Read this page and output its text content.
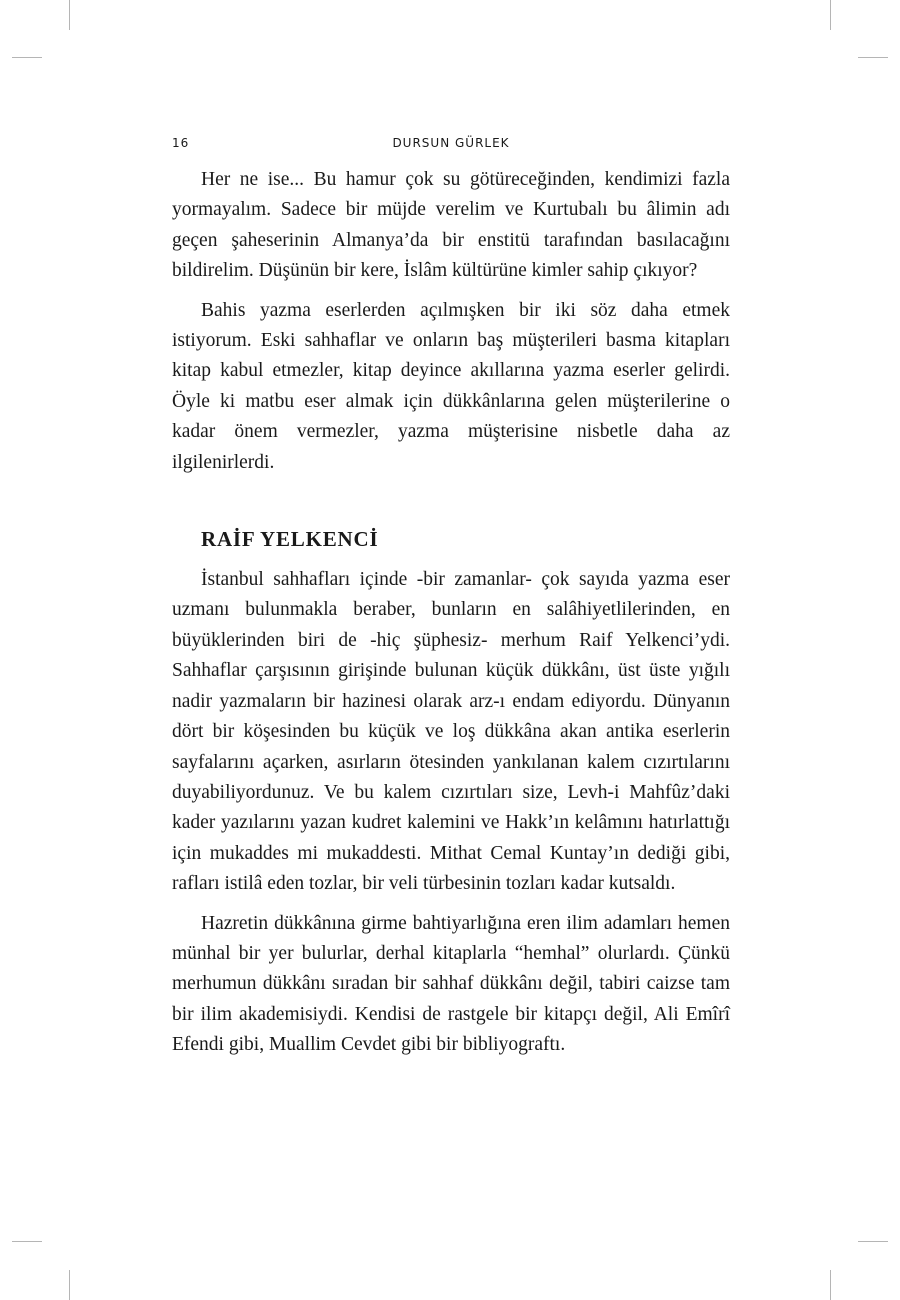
16	DURSUN GÜRLEK

Her ne ise... Bu hamur çok su götüreceğinden, kendimizi fazla yormayalım. Sadece bir müjde verelim ve Kurtubalı bu âlimin adı geçen şaheserinin Almanya’da bir enstitü tarafından basılacağını bildirelim. Düşünün bir kere, İslâm kültürüne kimler sahip çıkıyor?

Bahis yazma eserlerden açılmışken bir iki söz daha etmek istiyorum. Eski sahhaflar ve onların baş müşterileri basma kitapları kitap kabul etmezler, kitap deyince akıllarına yazma eserler gelirdi. Öyle ki matbu eser almak için dükkânlarına gelen müşterilerine o kadar önem vermezler, yazma müşterisine nisbetle daha az ilgilenirlerdi.

RAİF YELKENCİ

İstanbul sahhafları içinde -bir zamanlar- çok sayıda yazma eser uzmanı bulunmakla beraber, bunların en salâhiyetlilerinden, en büyüklerinden biri de -hiç şüphesiz- merhum Raif Yelkenci’ydi. Sahhaflar çarşısının girişinde bulunan küçük dükkânı, üst üste yığılı nadir yazmaların bir hazinesi olarak arz-ı endam ediyordu. Dünyanın dört bir köşesinden bu küçük ve loş dükkâna akan antika eserlerin sayfalarını açarken, asırların ötesinden yankılanan kalem cızırtılarını duyabiliyordunuz. Ve bu kalem cızırtıları size, Levh-i Mahfûz’daki kader yazılarını yazan kudret kalemini ve Hakk’ın kelâmını hatırlattığı için mukaddes mi mukaddesti. Mithat Cemal Kuntay’ın dediği gibi, rafları istilâ eden tozlar, bir veli türbesinin tozları kadar kutsaldı.

Hazretin dükkânına girme bahtiyarlığına eren ilim adamları hemen münhal bir yer bulurlar, derhal kitaplarla “hemhal” olurlardı. Çünkü merhumun dükkânı sıradan bir sahhaf dükkânı değil, tabiri caizse tam bir ilim akademisiydi. Kendisi de rastgele bir kitapçı değil, Ali Emîrî Efendi gibi, Muallim Cevdet gibi bir bibliyograftı.
